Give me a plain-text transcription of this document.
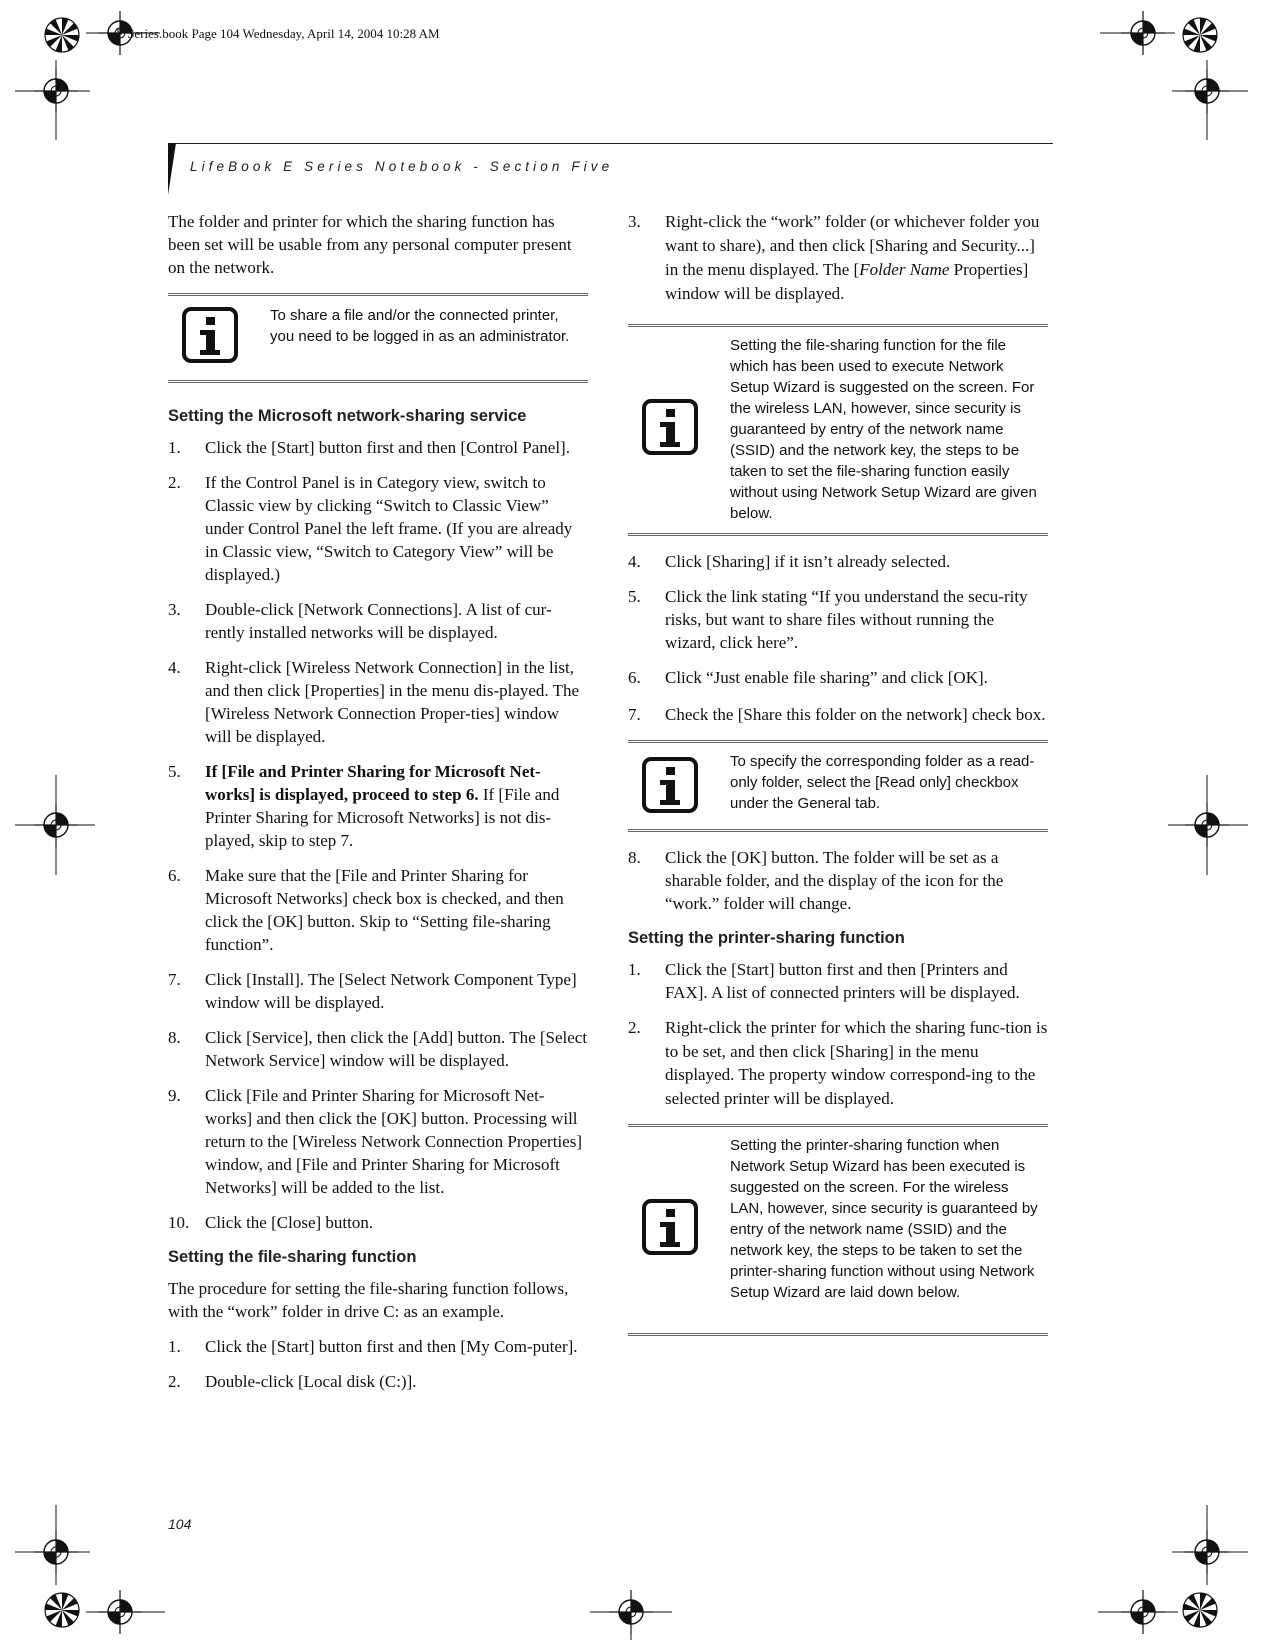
E Series.book Page 104 Wednesday, April 14, 2004 10:28 AM
LifeBook E Series Notebook - Section Five

The folder and printer for which the sharing function has been set will be usable from any personal computer present on the network.

To share a file and/or the connected printer, you need to be logged in as an administrator.
Setting the Microsoft network-sharing service
1. Click the [Start] button first and then [Control Panel].
2. If the Control Panel is in Category view, switch to Classic view by clicking “Switch to Classic View” under Control Panel the left frame. (If you are already in Classic view, “Switch to Category View” will be displayed.)
3. Double-click [Network Connections]. A list of cur-rently installed networks will be displayed.
4. Right-click [Wireless Network Connection] in the list, and then click [Properties] in the menu dis-played. The [Wireless Network Connection Proper-ties] window will be displayed.
5. If [File and Printer Sharing for Microsoft Net-works] is displayed, proceed to step 6. If [File and Printer Sharing for Microsoft Networks] is not dis-played, skip to step 7.
6. Make sure that the [File and Printer Sharing for Microsoft Networks] check box is checked, and then click the [OK] button. Skip to “Setting file-sharing function”.
7. Click [Install]. The [Select Network Component Type] window will be displayed.
8. Click [Service], then click the [Add] button. The [Select Network Service] window will be displayed.
9. Click [File and Printer Sharing for Microsoft Net-works] and then click the [OK] button. Processing will return to the [Wireless Network Connection Properties] window, and [File and Printer Sharing for Microsoft Networks] will be added to the list.
10. Click the [Close] button.
Setting the file-sharing function

The procedure for setting the file-sharing function follows, with the “work” folder in drive C: as an example.

1. Click the [Start] button first and then [My Com-puter].
2. Double-click [Local disk (C:)].
3. Right-click the “work” folder (or whichever folder you want to share), and then click [Sharing and Security...] in the menu displayed. The [Folder Name Properties] window will be displayed.
Setting the file-sharing function for the file which has been used to execute Network Setup Wizard is suggested on the screen. For the wireless LAN, however, since security is guaranteed by entry of the network name (SSID) and the network key, the steps to be taken to set the file-sharing function easily without using Network Setup Wizard are given below.
4. Click [Sharing] if it isn’t already selected.
5. Click the link stating “If you understand the secu-rity risks, but want to share files without running the wizard, click here”.
6. Click “Just enable file sharing” and click [OK].
7. Check the [Share this folder on the network] check box.
To specify the corresponding folder as a read-only folder, select the [Read only] checkbox under the General tab.
8. Click the [OK] button. The folder will be set as a sharable folder, and the display of the icon for the “work.” folder will change.
Setting the printer-sharing function
1. Click the [Start] button first and then [Printers and FAX]. A list of connected printers will be displayed.
2. Right-click the printer for which the sharing func-tion is to be set, and then click [Sharing] in the menu displayed. The property window correspond-ing to the selected printer will be displayed.
Setting the printer-sharing function when Network Setup Wizard has been executed is suggested on the screen. For the wireless LAN, however, since security is guaranteed by entry of the network name (SSID) and the network key, the steps to be taken to set the printer-sharing function without using Network Setup Wizard are laid down below.
104
